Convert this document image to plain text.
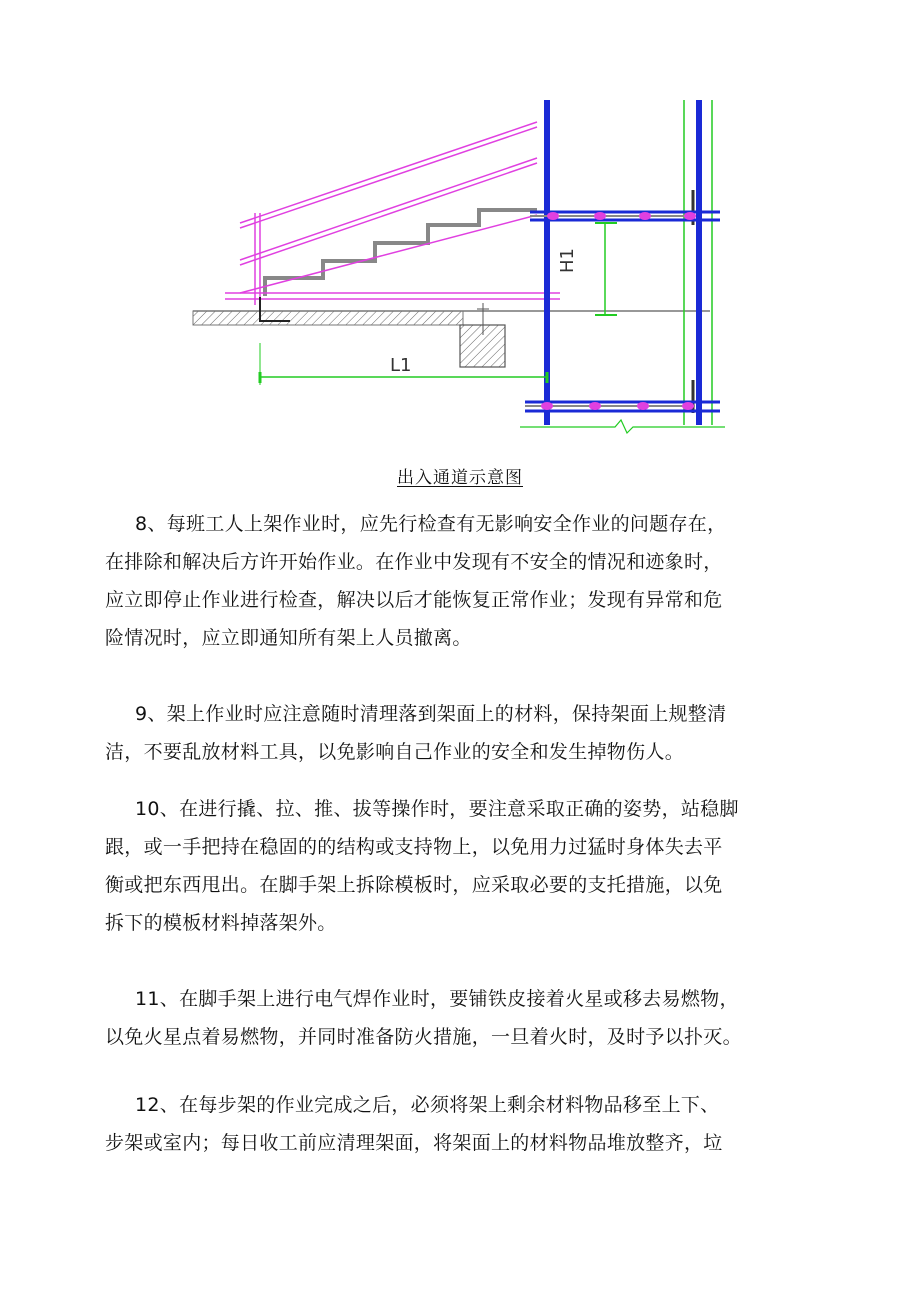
H1
L1
出入通道示意图

8、每班工人上架作业时，应先行检查有无影响安全作业的问题存在，
在排除和解决后方许开始作业。在作业中发现有不安全的情况和迹象时，
应立即停止作业进行检查，解决以后才能恢复正常作业；发现有异常和危
险情况时，应立即通知所有架上人员撤离。

9、架上作业时应注意随时清理落到架面上的材料，保持架面上规整清
洁，不要乱放材料工具，以免影响自己作业的安全和发生掉物伤人。

10、在进行撬、拉、推、拔等操作时，要注意采取正确的姿势，站稳脚
跟，或一手把持在稳固的的结构或支持物上，以免用力过猛时身体失去平
衡或把东西甩出。在脚手架上拆除模板时，应采取必要的支托措施，以免
拆下的模板材料掉落架外。

11、在脚手架上进行电气焊作业时，要铺铁皮接着火星或移去易燃物，
以免火星点着易燃物，并同时准备防火措施，一旦着火时，及时予以扑灭。

12、在每步架的作业完成之后，必须将架上剩余材料物品移至上下、
步架或室内；每日收工前应清理架面，将架面上的材料物品堆放整齐，垃
